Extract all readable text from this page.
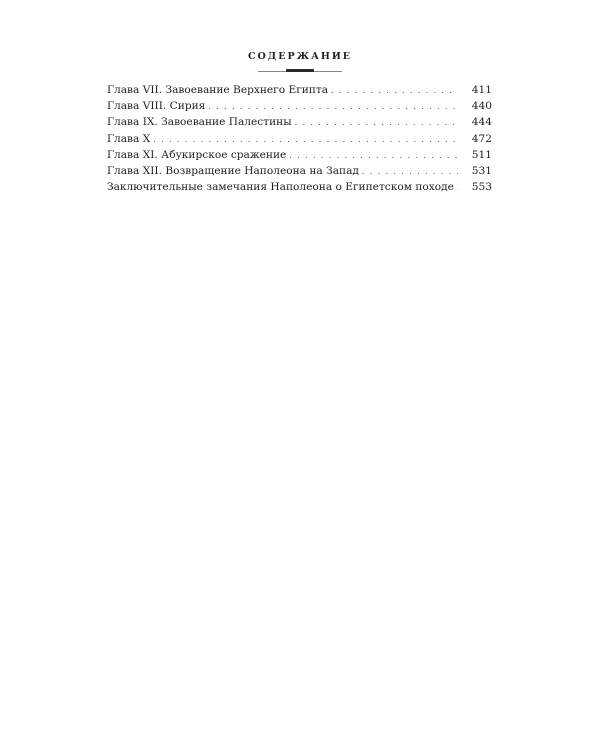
СОДЕРЖАНИЕ
Глава VII. Завоевание Верхнего Египта . . .	411
Глава VIII. Сирия . . .	440
Глава IX. Завоевание Палестины . . .	444
Глава X . . .	472
Глава XI. Абукирское сражение . . .	511
Глава XII. Возвращение Наполеона на Запад . . .	531
Заключительные замечания Наполеона о Египетском походе . . .	553
